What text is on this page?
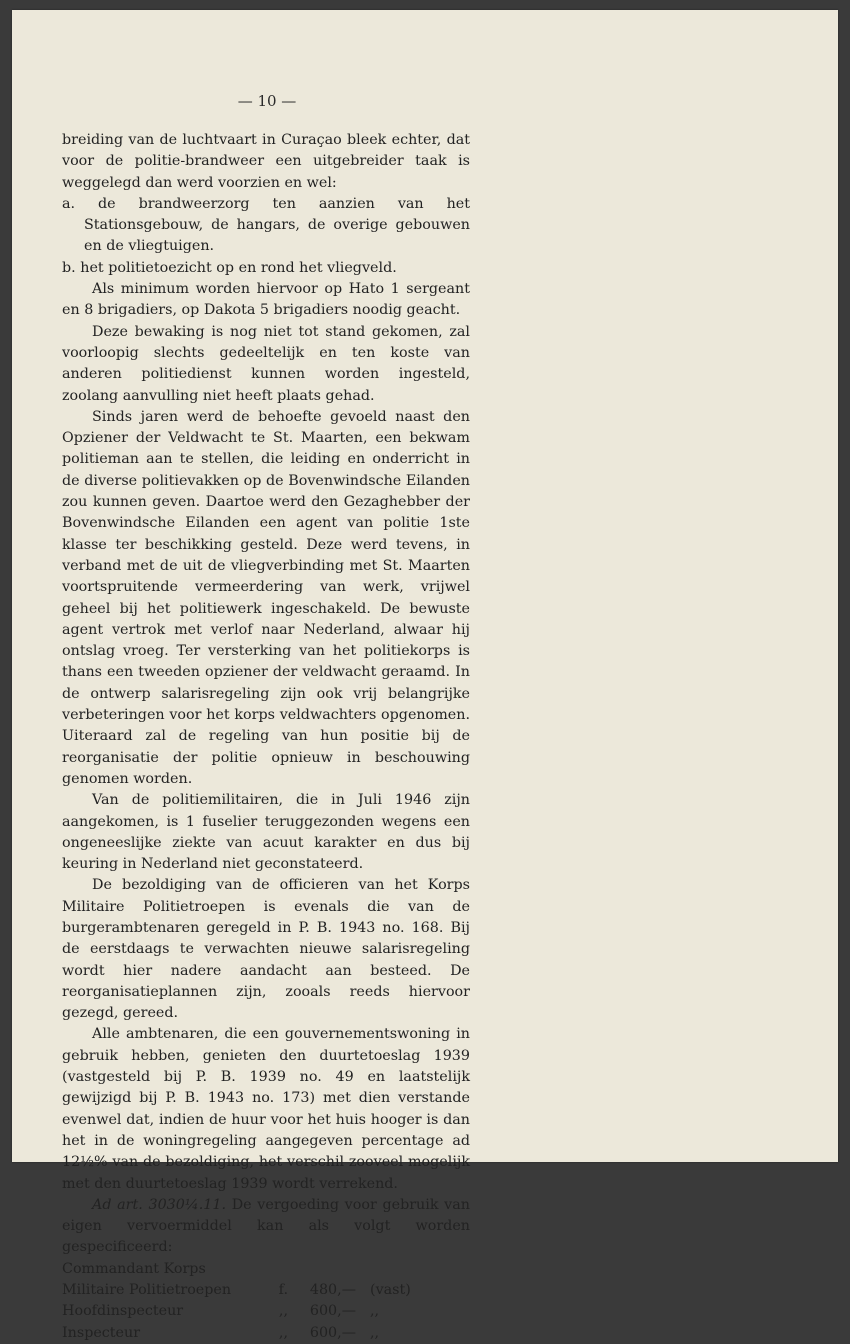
— 10 —

breiding van de luchtvaart in Curaçao bleek echter, dat voor de politie-brandweer een uitgebreider taak is weggelegd dan werd voorzien en wel:

a. de brandweerzorg ten aanzien van het Stationsgebouw, de hangars, de overige gebouwen en de vliegtuigen.

b. het politietoezicht op en rond het vliegveld.

Als minimum worden hiervoor op Hato 1 sergeant en 8 brigadiers, op Dakota 5 brigadiers noodig geacht.

Deze bewaking is nog niet tot stand gekomen, zal voorloopig slechts gedeeltelijk en ten koste van anderen politiedienst kunnen worden ingesteld, zoolang aanvulling niet heeft plaats gehad.

Sinds jaren werd de behoefte gevoeld naast den Opziener der Veldwacht te St. Maarten, een bekwam politieman aan te stellen, die leiding en onderricht in de diverse politievakken op de Bovenwindsche Eilanden zou kunnen geven. Daartoe werd den Gezaghebber der Bovenwindsche Eilanden een agent van politie 1ste klasse ter beschikking gesteld. Deze werd tevens, in verband met de uit de vliegverbinding met St. Maarten voortspruitende vermeerdering van werk, vrijwel geheel bij het politiewerk ingeschakeld. De bewuste agent vertrok met verlof naar Nederland, alwaar hij ontslag vroeg. Ter versterking van het politiekorps is thans een tweeden opziener der veldwacht geraamd. In de ontwerp salarisregeling zijn ook vrij belangrijke verbeteringen voor het korps veldwachters opgenomen. Uiteraard zal de regeling van hun positie bij de reorganisatie der politie opnieuw in beschouwing genomen worden.

Van de politiemilitairen, die in Juli 1946 zijn aangekomen, is 1 fuselier teruggezonden wegens een ongeneeslijke ziekte van acuut karakter en dus bij keuring in Nederland niet geconstateerd.

De bezoldiging van de officieren van het Korps Militaire Politietroepen is evenals die van de burgerambtenaren geregeld in P. B. 1943 no. 168. Bij de eerstdaags te verwachten nieuwe salarisregeling wordt hier nadere aandacht aan besteed. De reorganisatieplannen zijn, zooals reeds hiervoor gezegd, gereed.

Alle ambtenaren, die een gouvernementswoning in gebruik hebben, genieten den duurtetoeslag 1939 (vastgesteld bij P. B. 1939 no. 49 en laatstelijk gewijzigd bij P. B. 1943 no. 173) met dien verstande evenwel dat, indien de huur voor het huis hooger is dan het in de woningregeling aangegeven percentage ad 12½% van de bezoldiging, het verschil zooveel mogelijk met den duurtetoeslag 1939 wordt verrekend.

Ad art. 3030¼.11. De vergoeding voor gebruik van eigen vervoermiddel kan als volgt worden gespecificeerd:

Commandant Korps Militaire Politietroepen	f.	480,— (vast)
Hoofdinspecteur	,,	600,— ,,
Inspecteur	,,	600,— ,,
